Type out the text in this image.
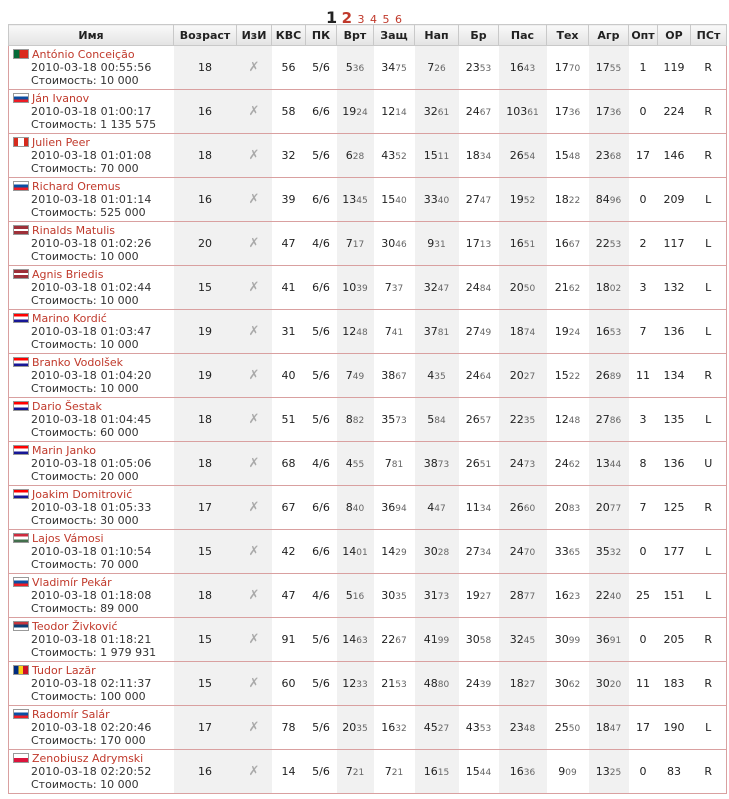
1 2 3 4 5 6
Имя	Возраст	ИзИ	КВС	ПК	Врт	Защ	Нап	Бр	Пас	Тех	Агр	Опт	ОР	ПСт
António Conceição
2010-03-18 00:55:56
Стоимость: 10 000	18	✗	56	5/6	536	3475	726	2353	1643	1770	1755	1	119	R
Ján Ivanov
2010-03-18 01:00:17
Стоимость: 1 135 575	16	✗	58	6/6	1924	1214	3261	2467	10361	1736	1736	0	224	R
Julien Peer
2010-03-18 01:01:08
Стоимость: 70 000	18	✗	32	5/6	628	4352	1511	1834	2654	1548	2368	17	146	R
Richard Oremus
2010-03-18 01:01:14
Стоимость: 525 000	16	✗	39	6/6	1345	1540	3340	2747	1952	1822	8496	0	209	L
Rinalds Matulis
2010-03-18 01:02:26
Стоимость: 10 000	20	✗	47	4/6	717	3046	931	1713	1651	1667	2253	2	117	L
Agnis Briedis
2010-03-18 01:02:44
Стоимость: 10 000	15	✗	41	6/6	1039	737	3247	2484	2050	2162	1802	3	132	L
Marino Kordić
2010-03-18 01:03:47
Стоимость: 10 000	19	✗	31	5/6	1248	741	3781	2749	1874	1924	1653	7	136	L
Branko Vodolšek
2010-03-18 01:04:20
Стоимость: 10 000	19	✗	40	5/6	749	3867	435	2464	2027	1522	2689	11	134	R
Dario Šestak
2010-03-18 01:04:45
Стоимость: 60 000	18	✗	51	5/6	882	3573	584	2657	2235	1248	2786	3	135	L
Marin Janko
2010-03-18 01:05:06
Стоимость: 20 000	18	✗	68	4/6	455	781	3873	2651	2473	2462	1344	8	136	U
Joakim Domitrović
2010-03-18 01:05:33
Стоимость: 30 000	17	✗	67	6/6	840	3694	447	1134	2660	2083	2077	7	125	R
Lajos Vámosi
2010-03-18 01:10:54
Стоимость: 70 000	15	✗	42	6/6	1401	1429	3028	2734	2470	3365	3532	0	177	L
Vladimír Pekár
2010-03-18 01:18:08
Стоимость: 89 000	18	✗	47	4/6	516	3035	3173	1927	2877	1623	2240	25	151	L
Teodor Živković
2010-03-18 01:18:21
Стоимость: 1 979 931	15	✗	91	5/6	1463	2267	4199	3058	3245	3099	3691	0	205	R
Tudor Lazăr
2010-03-18 02:11:37
Стоимость: 100 000	15	✗	60	5/6	1233	2153	4880	2439	1827	3062	3020	11	183	R
Radomír Salár
2010-03-18 02:20:46
Стоимость: 170 000	17	✗	78	5/6	2035	1632	4527	4353	2348	2550	1847	17	190	L
Zenobiusz Adrymski
2010-03-18 02:20:52
Стоимость: 10 000	16	✗	14	5/6	721	721	1615	1544	1636	909	1325	0	83	R
